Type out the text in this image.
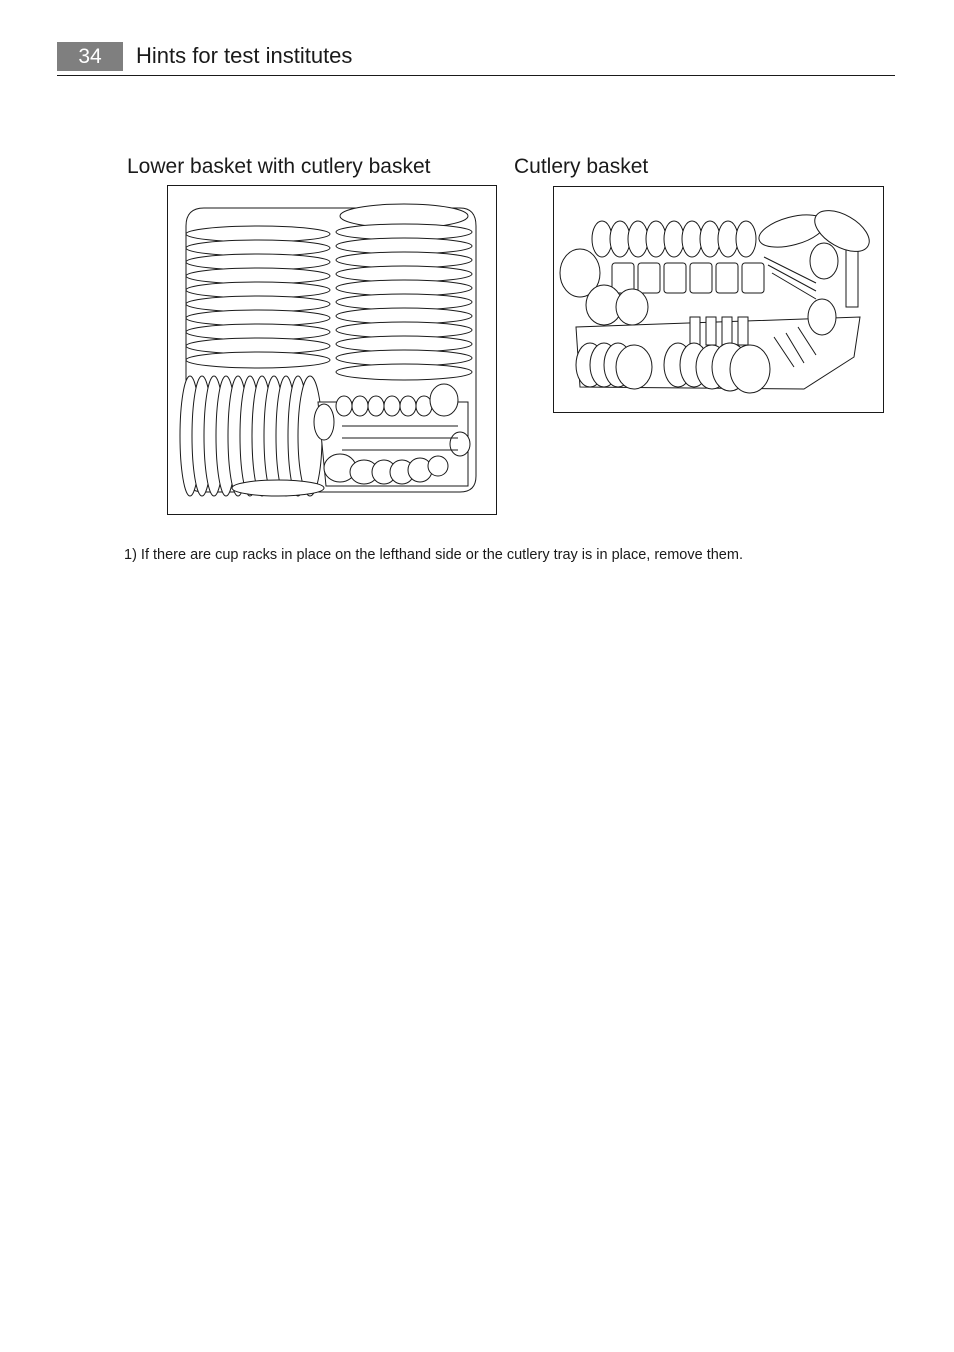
34	Hints for test institutes
Lower basket with cutlery basket	Cutlery basket
1) If there are cup racks in place on the lefthand side or the cutlery tray is in place, remove them.
